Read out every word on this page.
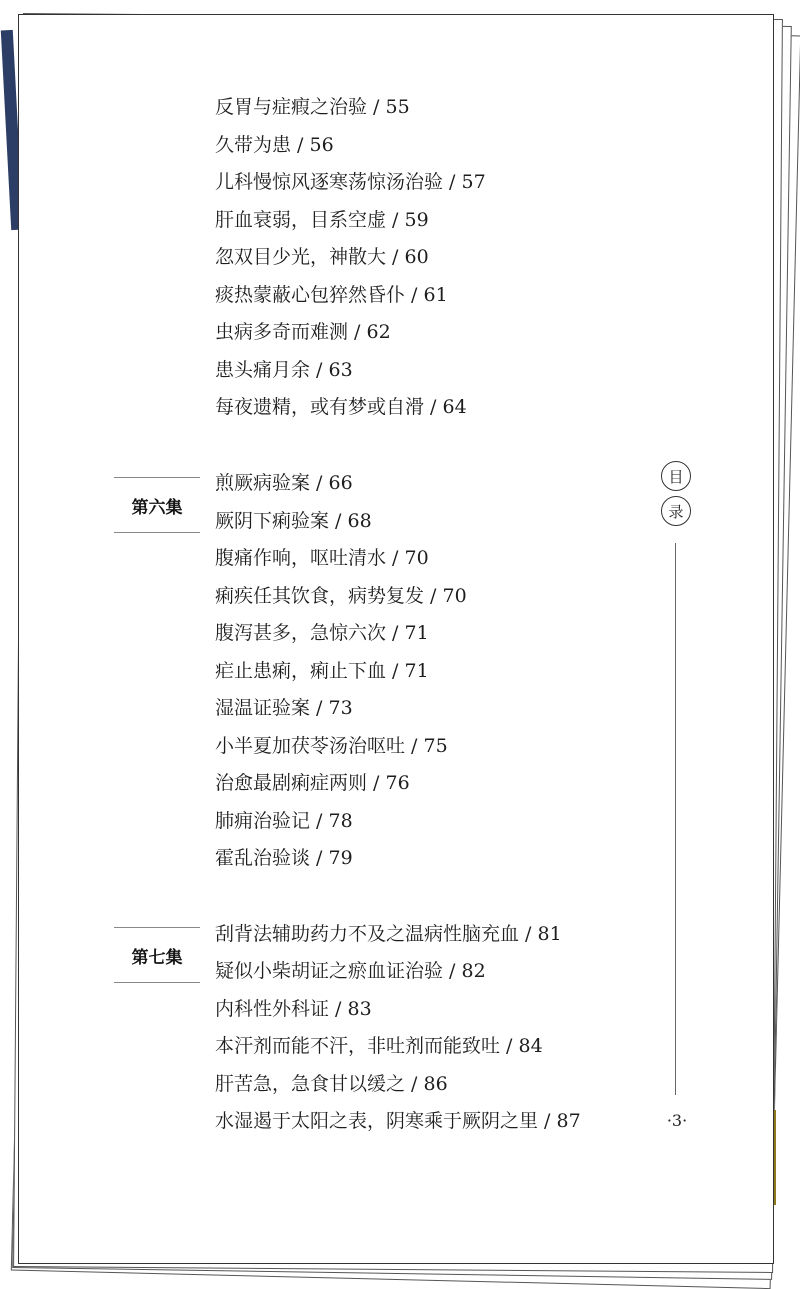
反胃与症瘕之治验 / 55
久带为患 / 56
儿科慢惊风逐寒荡惊汤治验 / 57
肝血衰弱，目系空虚 / 59
忽双目少光，神散大 / 60
痰热蒙蔽心包猝然昏仆 / 61
虫病多奇而难测 / 62
患头痛月余 / 63
每夜遗精，或有梦或自滑 / 64
第六集
煎厥病验案 / 66
厥阴下痢验案 / 68
腹痛作响，呕吐清水 / 70
痢疾任其饮食，病势复发 / 70
腹泻甚多，急惊六次 / 71
疟止患痢，痢止下血 / 71
湿温证验案 / 73
小半夏加茯苓汤治呕吐 / 75
治愈最剧痢症两则 / 76
肺痈治验记 / 78
霍乱治验谈 / 79
第七集
刮背法辅助药力不及之温病性脑充血 / 81
疑似小柴胡证之瘀血证治验 / 82
内科性外科证 / 83
本汗剂而能不汗，非吐剂而能致吐 / 84
肝苦急，急食甘以缓之 / 86
水湿遏于太阳之表，阴寒乘于厥阴之里 / 87
目
录
·3·
